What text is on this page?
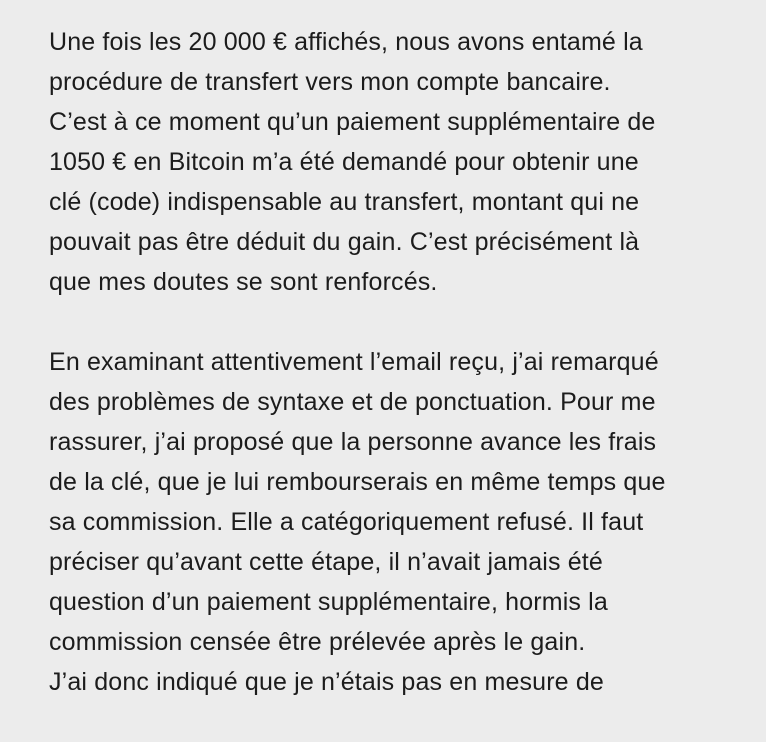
Une fois les 20 000 € affichés, nous avons entamé la
procédure de transfert vers mon compte bancaire.
C’est à ce moment qu’un paiement supplémentaire de
1050 € en Bitcoin m’a été demandé pour obtenir une
clé (code) indispensable au transfert, montant qui ne
pouvait pas être déduit du gain. C’est précisément là
que mes doutes se sont renforcés.
En examinant attentivement l’email reçu, j’ai remarqué
des problèmes de syntaxe et de ponctuation. Pour me
rassurer, j’ai proposé que la personne avance les frais
de la clé, que je lui rembourserais en même temps que
sa commission. Elle a catégoriquement refusé. Il faut
préciser qu’avant cette étape, il n’avait jamais été
question d’un paiement supplémentaire, hormis la
commission censée être prélevée après le gain.
J’ai donc indiqué que je n’étais pas en mesure de
